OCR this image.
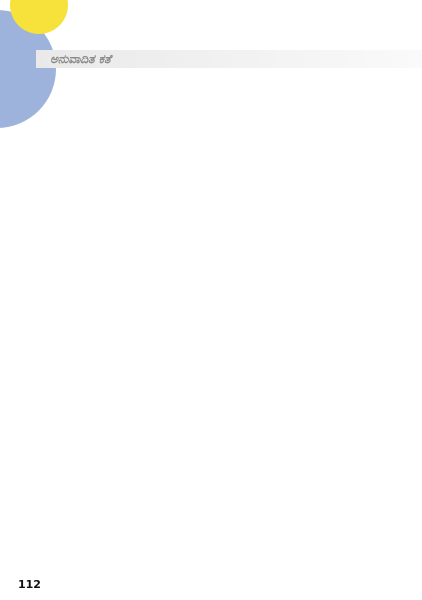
ಅನುವಾದಿತ ಕತೆ

112
